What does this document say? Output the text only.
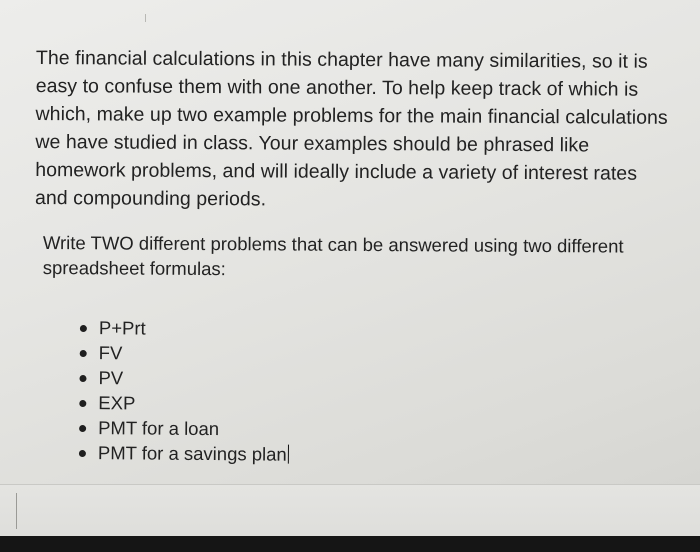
The financial calculations in this chapter have many similarities, so it is
easy to confuse them with one another. To help keep track of which is
which, make up two example problems for the main financial calculations
we have studied in class. Your examples should be phrased like
homework problems, and will ideally include a variety of interest rates
and compounding periods.

Write TWO different problems that can be answered using two different
spreadsheet formulas:

P+Prt
FV
PV
EXP
PMT for a loan
PMT for a savings plan
